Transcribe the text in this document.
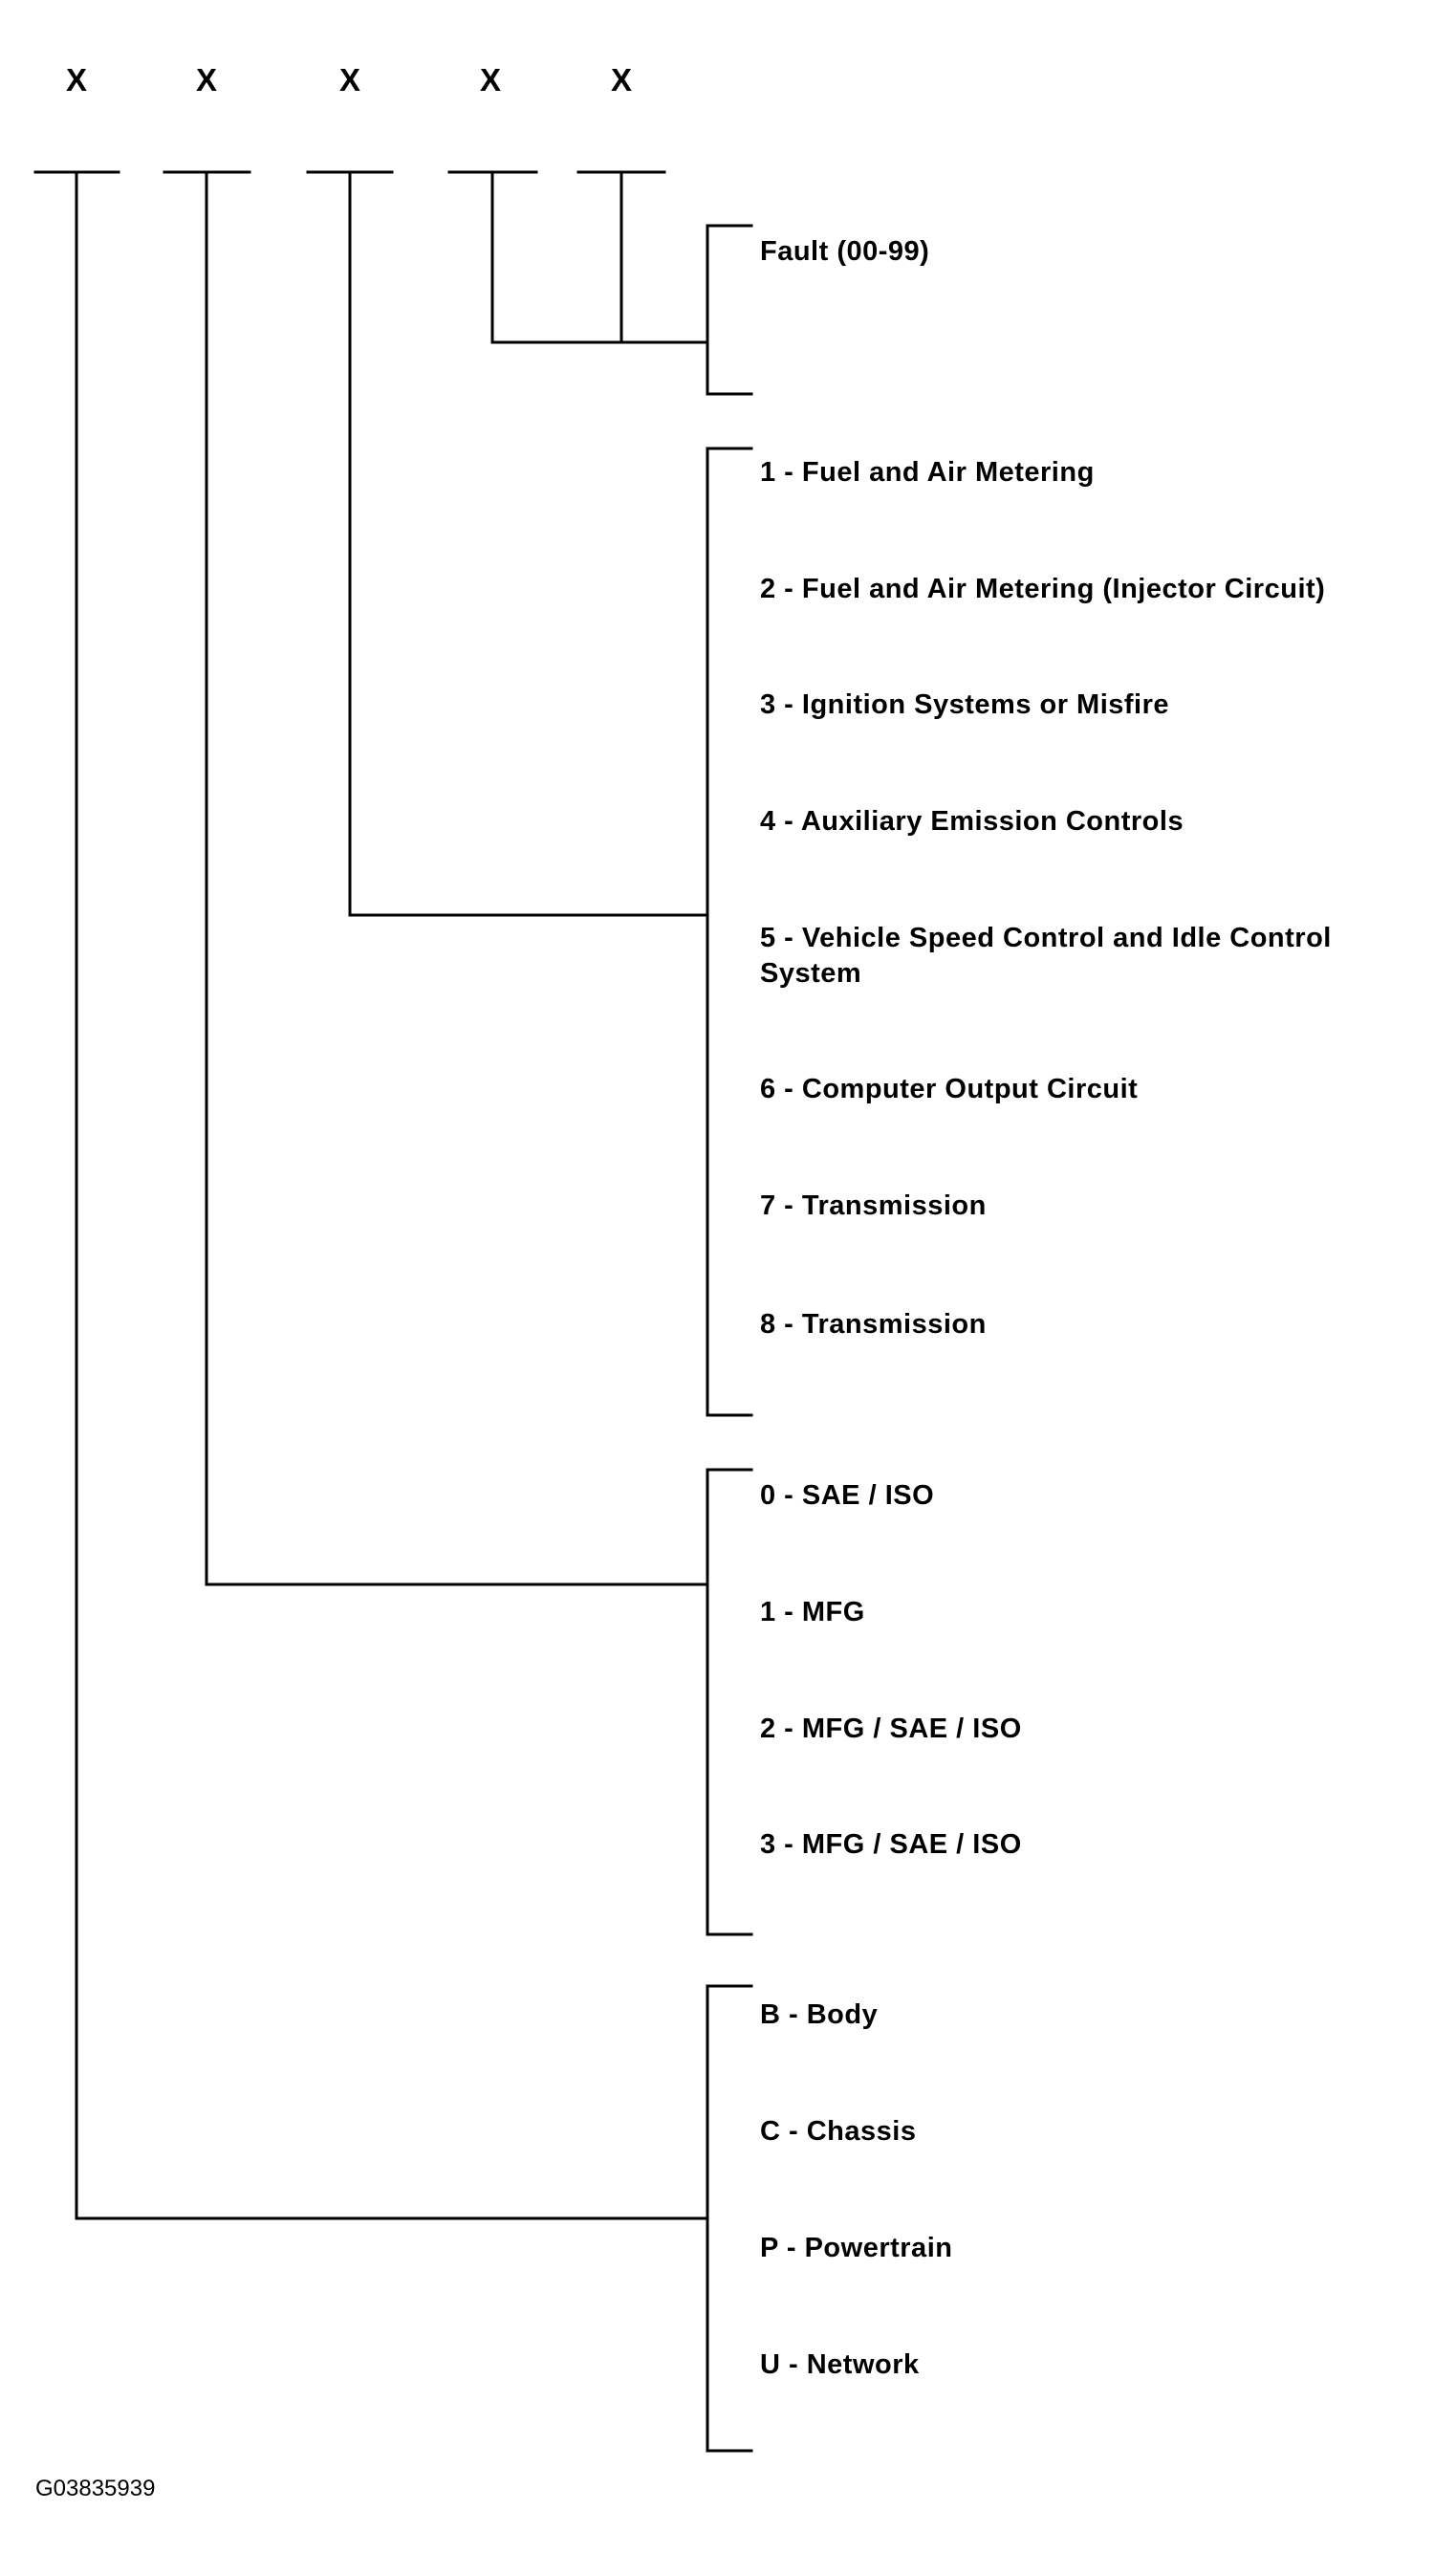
X	X	X	X	X
Fault (00-99)
1 - Fuel and Air Metering
2 - Fuel and Air Metering (Injector Circuit)
3 - Ignition Systems or Misfire
4 - Auxiliary Emission Controls
5 - Vehicle Speed Control and Idle Control
System
6 - Computer Output Circuit
7 - Transmission
8 - Transmission
0 - SAE / ISO
1 - MFG
2 - MFG / SAE / ISO
3 - MFG / SAE / ISO
B - Body
C - Chassis
P - Powertrain
U - Network
G03835939
